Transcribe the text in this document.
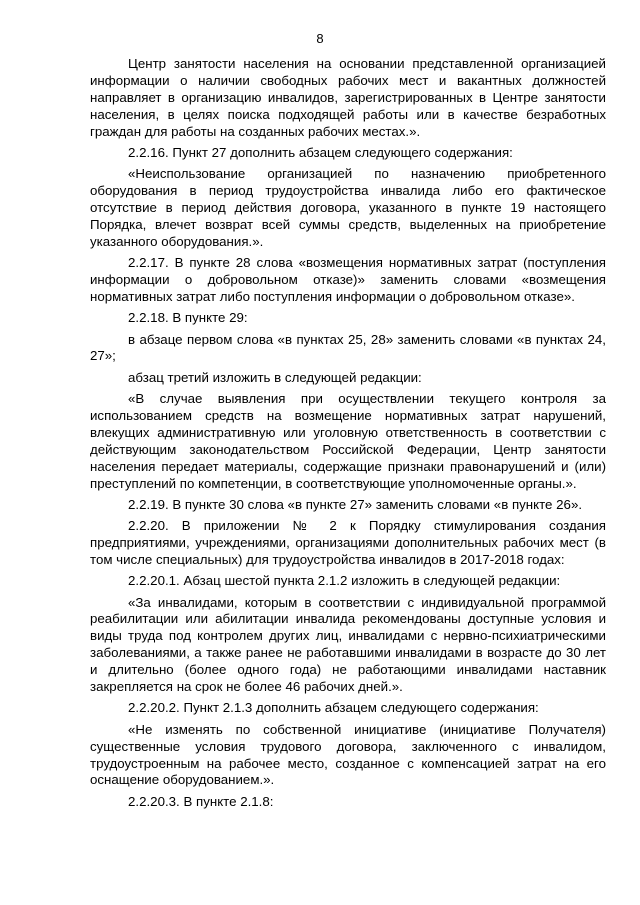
8

Центр занятости населения на основании представленной организацией информации о наличии свободных рабочих мест и вакантных должностей направляет в организацию инвалидов, зарегистрированных в Центре занятости населения, в целях поиска подходящей работы или в качестве безработных граждан для работы на созданных рабочих местах.».

2.2.16. Пункт 27 дополнить абзацем следующего содержания:

«Неиспользование организацией по назначению приобретенного оборудования в период трудоустройства инвалида либо его фактическое отсутствие в период действия договора, указанного в пункте 19 настоящего Порядка, влечет возврат всей суммы средств, выделенных на приобретение указанного оборудования.».

2.2.17. В пункте 28 слова «возмещения нормативных затрат (поступления информации о добровольном отказе)» заменить словами «возмещения нормативных затрат либо поступления информации о добровольном отказе».

2.2.18. В пункте 29:

в абзаце первом слова «в пунктах 25, 28» заменить словами «в пунктах 24, 27»;

абзац третий изложить в следующей редакции:

«В случае выявления при осуществлении текущего контроля за использованием средств на возмещение нормативных затрат нарушений, влекущих административную или уголовную ответственность в соответствии с действующим законодательством Российской Федерации, Центр занятости населения передает материалы, содержащие признаки правонарушений и (или) преступлений по компетенции, в соответствующие уполномоченные органы.».

2.2.19. В пункте 30 слова «в пункте 27» заменить словами «в пункте 26».

2.2.20. В приложении № 2 к Порядку стимулирования создания предприятиями, учреждениями, организациями дополнительных рабочих мест (в том числе специальных) для трудоустройства инвалидов в 2017-2018 годах:

2.2.20.1. Абзац шестой пункта 2.1.2 изложить в следующей редакции:

«За инвалидами, которым в соответствии с индивидуальной программой реабилитации или абилитации инвалида рекомендованы доступные условия и виды труда под контролем других лиц, инвалидами с нервно-психиатрическими заболеваниями, а также ранее не работавшими инвалидами в возрасте до 30 лет и длительно (более одного года) не работающими инвалидами наставник закрепляется на срок не более 46 рабочих дней.».

2.2.20.2. Пункт 2.1.3 дополнить абзацем следующего содержания:

«Не изменять по собственной инициативе (инициативе Получателя) существенные условия трудового договора, заключенного с инвалидом, трудоустроенным на рабочее место, созданное с компенсацией затрат на его оснащение оборудованием.».

2.2.20.3. В пункте 2.1.8:
